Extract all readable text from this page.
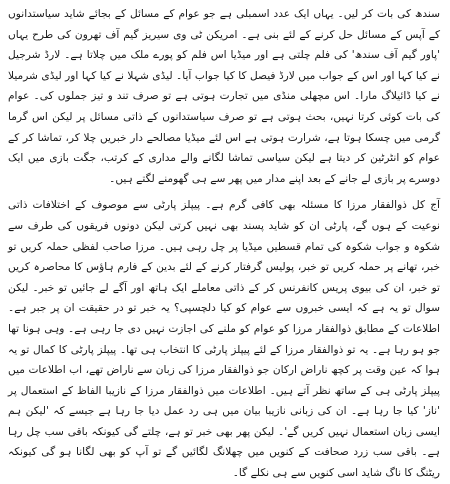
سندھ کی بات کر لیں۔ یہاں ایک عدد اسمبلی ہے جو عوام کے مسائل کے بجائے شاید سیاستدانوں کے آپس کے مسائل حل کرنے کے لئے بنی ہے۔ امریکن ٹی وی سیریز گیم آف تھرون کی طرح یہاں 'پاور گیم آف سندھ' کی فلم چلتی ہے اور میڈیا اس فلم کو پورے ملک میں چلاتا ہے۔ لارڈ شرجیل نے کیا کہا اور اس کے جواب میں لارڈ فیصل کا کیا جواب آیا۔ لیڈی شہلا نے کیا کہا اور لیڈی شرمیلا نے کیا ڈائیلاگ مارا۔ اس مچھلی منڈی میں تجارت ہوتی ہے تو صرف تند و تیز جملوں کی۔ عوام کی بات کوئی کرتا نہیں، بحث ہوتی ہے تو صرف سیاستدانوں کے ذاتی مسائل پر لیکن اس گرما گرمی میں چسکا ہوتا ہے، شرارت ہوتی ہے اس لئے میڈیا مصالحے دار خبریں چلا کر، تماشا کر کے عوام کو انٹرٹین کر دیتا ہے لیکن سیاسی تماشا لگانے والے مداری کے کرتب، جگت بازی میں ایک دوسرے پر بازی لے جانے کے بعد اپنے مدار میں پھر سے ہی گھومنے لگتے ہیں۔

آج کل ذوالفقار مرزا کا مسئلہ بھی کافی گرم ہے۔ پیپلز پارٹی سے موصوف کے اختلافات ذاتی نوعیت کے ہوں گے، پارٹی ان کو شاید پسند بھی نہیں کرتی لیکن دونوں فریقوں کی طرف سے شکوہ و جواب شکوہ کی تمام قسطیں میڈیا پر چل رہی ہیں۔ مرزا صاحب لفظی حملہ کریں تو خبر، تھانے پر حملہ کریں تو خبر، پولیس گرفتار کرنے کے لئے بدین کے فارم ہاؤس کا محاصرہ کریں تو خبر، ان کی بیوی پریس کانفرنس کر کے ذاتی معاملے ایک ہاتھ اور آگے لے جائیں تو خبر۔ لیکن سوال تو یہ ہے کہ ایسی خبروں سے عوام کو کیا دلچسپی؟ یہ خبر تو در حقیقت ان پر جبر ہے۔ اطلاعات کے مطابق ذوالفقار مرزا کو عوام کو ملنے کی اجازت نہیں دی جا رہی ہے۔ وہی ہونا تھا جو ہو رہا ہے۔ یہ تو ذوالفقار مرزا کے لئے پیپلز پارٹی کا انتخاب ہی تھا۔ پیپلز پارٹی کا کمال تو یہ ہوا کہ عین وقت پر کچھ ناراض ارکان جو ذوالفقار مرزا کی زبان سے ناراض تھے، اب اطلاعات میں پیپلز پارٹی ہی کے ساتھ نظر آتے ہیں۔ اطلاعات میں ذوالفقار مرزا کے نازیبا الفاظ کے استعمال پر 'ناز' کیا جا رہا ہے۔ ان کی زبانی نازیبا بیان میں ہی رد عمل دیا جا رہا ہے جیسے کہ 'لیکن ہم ایسی زبان استعمال نہیں کریں گے'۔ لیکن پھر بھی خبر تو ہے، چلتے گی کیونکہ باقی سب چل رہا ہے۔ باقی سب زرد صحافت کے کنویں میں چھلانگ لگائیں گے تو آپ کو بھی لگانا ہو گی کیونکہ ریٹنگ کا ناگ شاید اسی کنویں سے ہی نکلے گا۔
